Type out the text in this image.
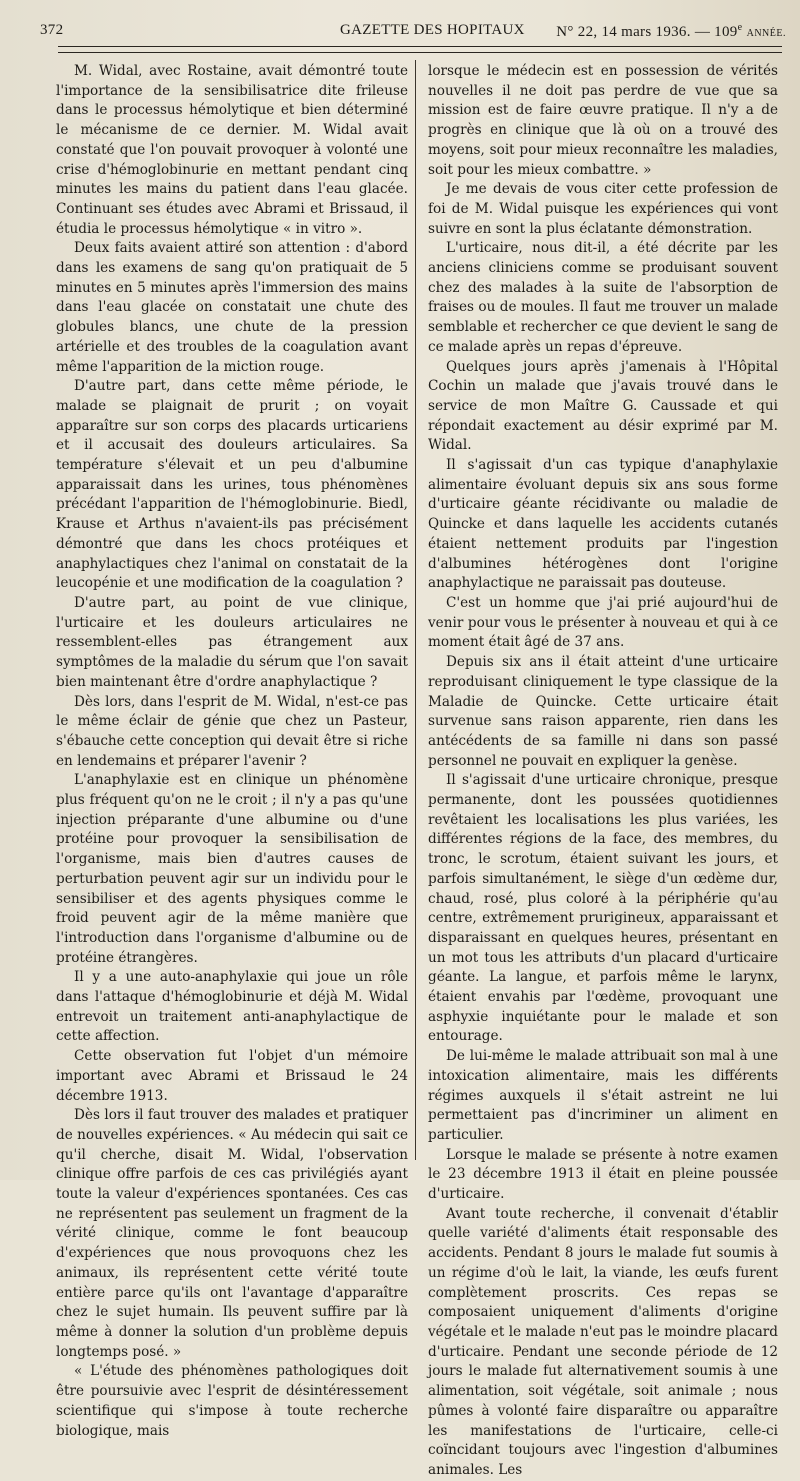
372	GAZETTE DES HOPITAUX N° 22, 14 mars 1936. — 109e ANNÉE.

M. Widal, avec Rostaine, avait démontré toute l'importance de la sensibilisatrice dite frileuse dans le processus hémolytique et bien déterminé le mécanisme de ce dernier. M. Widal avait constaté que l'on pouvait provoquer à volonté une crise d'hémoglobinurie en mettant pendant cinq minutes les mains du patient dans l'eau glacée. Continuant ses études avec Abrami et Brissaud, il étudia le processus hémolytique « in vitro ».

Deux faits avaient attiré son attention : d'abord dans les examens de sang qu'on pratiquait de 5 minutes en 5 minutes après l'immersion des mains dans l'eau glacée on constatait une chute des globules blancs, une chute de la pression artérielle et des troubles de la coagulation avant même l'apparition de la miction rouge.

D'autre part, dans cette même période, le malade se plaignait de prurit ; on voyait apparaître sur son corps des placards urticariens et il accusait des douleurs articulaires. Sa température s'élevait et un peu d'albumine apparaissait dans les urines, tous phénomènes précédant l'apparition de l'hémoglobinurie. Biedl, Krause et Arthus n'avaient-ils pas précisément démontré que dans les chocs protéiques et anaphylactiques chez l'animal on constatait de la leucopénie et une modification de la coagulation ?

D'autre part, au point de vue clinique, l'urticaire et les douleurs articulaires ne ressemblent-elles pas étrangement aux symptômes de la maladie du sérum que l'on savait bien maintenant être d'ordre anaphylactique ?

Dès lors, dans l'esprit de M. Widal, n'est-ce pas le même éclair de génie que chez un Pasteur, s'ébauche cette conception qui devait être si riche en lendemains et préparer l'avenir ?

L'anaphylaxie est en clinique un phénomène plus fréquent qu'on ne le croit ; il n'y a pas qu'une injection préparante d'une albumine ou d'une protéine pour provoquer la sensibilisation de l'organisme, mais bien d'autres causes de perturbation peuvent agir sur un individu pour le sensibiliser et des agents physiques comme le froid peuvent agir de la même manière que l'introduction dans l'organisme d'albumine ou de protéine étrangères.

Il y a une auto-anaphylaxie qui joue un rôle dans l'attaque d'hémoglobinurie et déjà M. Widal entrevoit un traitement anti-anaphylactique de cette affection.

Cette observation fut l'objet d'un mémoire important avec Abrami et Brissaud le 24 décembre 1913.

Dès lors il faut trouver des malades et pratiquer de nouvelles expériences. « Au médecin qui sait ce qu'il cherche, disait M. Widal, l'observation clinique offre parfois de ces cas privilégiés ayant toute la valeur d'expériences spontanées. Ces cas ne représentent pas seulement un fragment de la vérité clinique, comme le font beaucoup d'expériences que nous provoquons chez les animaux, ils représentent cette vérité toute entière parce qu'ils ont l'avantage d'apparaître chez le sujet humain. Ils peuvent suffire par là même à donner la solution d'un problème depuis longtemps posé. »

« L'étude des phénomènes pathologiques doit être poursuivie avec l'esprit de désintéressement scientifique qui s'impose à toute recherche biologique, mais

lorsque le médecin est en possession de vérités nouvelles il ne doit pas perdre de vue que sa mission est de faire œuvre pratique. Il n'y a de progrès en clinique que là où on a trouvé des moyens, soit pour mieux reconnaître les maladies, soit pour les mieux combattre. »

Je me devais de vous citer cette profession de foi de M. Widal puisque les expériences qui vont suivre en sont la plus éclatante démonstration.

L'urticaire, nous dit-il, a été décrite par les anciens cliniciens comme se produisant souvent chez des malades à la suite de l'absorption de fraises ou de moules. Il faut me trouver un malade semblable et rechercher ce que devient le sang de ce malade après un repas d'épreuve.

Quelques jours après j'amenais à l'Hôpital Cochin un malade que j'avais trouvé dans le service de mon Maître G. Caussade et qui répondait exactement au désir exprimé par M. Widal.

Il s'agissait d'un cas typique d'anaphylaxie alimentaire évoluant depuis six ans sous forme d'urticaire géante récidivante ou maladie de Quincke et dans laquelle les accidents cutanés étaient nettement produits par l'ingestion d'albumines hétérogènes dont l'origine anaphylactique ne paraissait pas douteuse.

C'est un homme que j'ai prié aujourd'hui de venir pour vous le présenter à nouveau et qui à ce moment était âgé de 37 ans.

Depuis six ans il était atteint d'une urticaire reproduisant cliniquement le type classique de la Maladie de Quincke. Cette urticaire était survenue sans raison apparente, rien dans les antécédents de sa famille ni dans son passé personnel ne pouvait en expliquer la genèse.

Il s'agissait d'une urticaire chronique, presque permanente, dont les poussées quotidiennes revêtaient les localisations les plus variées, les différentes régions de la face, des membres, du tronc, le scrotum, étaient suivant les jours, et parfois simultanément, le siège d'un œdème dur, chaud, rosé, plus coloré à la périphérie qu'au centre, extrêmement prurigineux, apparaissant et disparaissant en quelques heures, présentant en un mot tous les attributs d'un placard d'urticaire géante. La langue, et parfois même le larynx, étaient envahis par l'œdème, provoquant une asphyxie inquiétante pour le malade et son entourage.

De lui-même le malade attribuait son mal à une intoxication alimentaire, mais les différents régimes auxquels il s'était astreint ne lui permettaient pas d'incriminer un aliment en particulier.

Lorsque le malade se présente à notre examen le 23 décembre 1913 il était en pleine poussée d'urticaire.

Avant toute recherche, il convenait d'établir quelle variété d'aliments était responsable des accidents. Pendant 8 jours le malade fut soumis à un régime d'où le lait, la viande, les œufs furent complètement proscrits. Ces repas se composaient uniquement d'aliments d'origine végétale et le malade n'eut pas le moindre placard d'urticaire. Pendant une seconde période de 12 jours le malade fut alternativement soumis à une alimentation, soit végétale, soit animale ; nous pûmes à volonté faire disparaître ou apparaître les manifestations de l'urticaire, celle-ci coïncidant toujours avec l'ingestion d'albumines animales. Les
